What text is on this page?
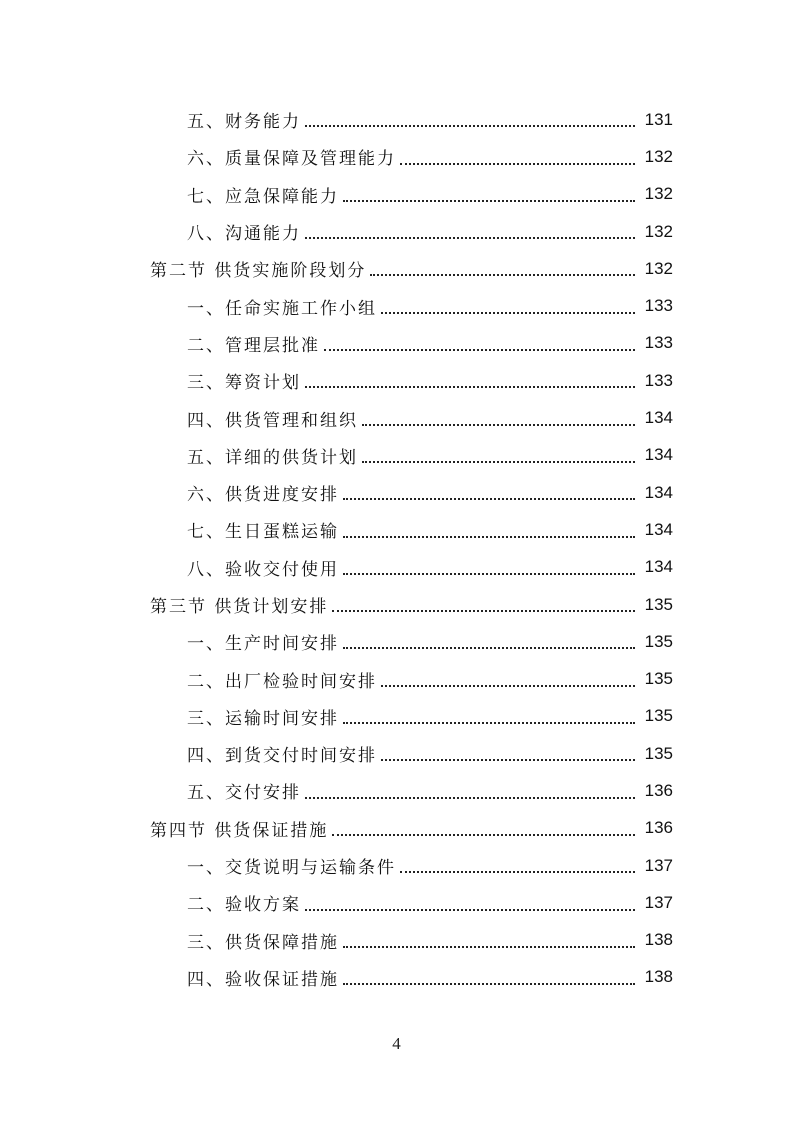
五、财务能力	131
六、质量保障及管理能力	132
七、应急保障能力	132
八、沟通能力	132
第二节 供货实施阶段划分	132
一、任命实施工作小组	133
二、管理层批准	133
三、筹资计划	133
四、供货管理和组织	134
五、详细的供货计划	134
六、供货进度安排	134
七、生日蛋糕运输	134
八、验收交付使用	134
第三节 供货计划安排	135
一、生产时间安排	135
二、出厂检验时间安排	135
三、运输时间安排	135
四、到货交付时间安排	135
五、交付安排	136
第四节 供货保证措施	136
一、交货说明与运输条件	137
二、验收方案	137
三、供货保障措施	138
四、验收保证措施	138
4
